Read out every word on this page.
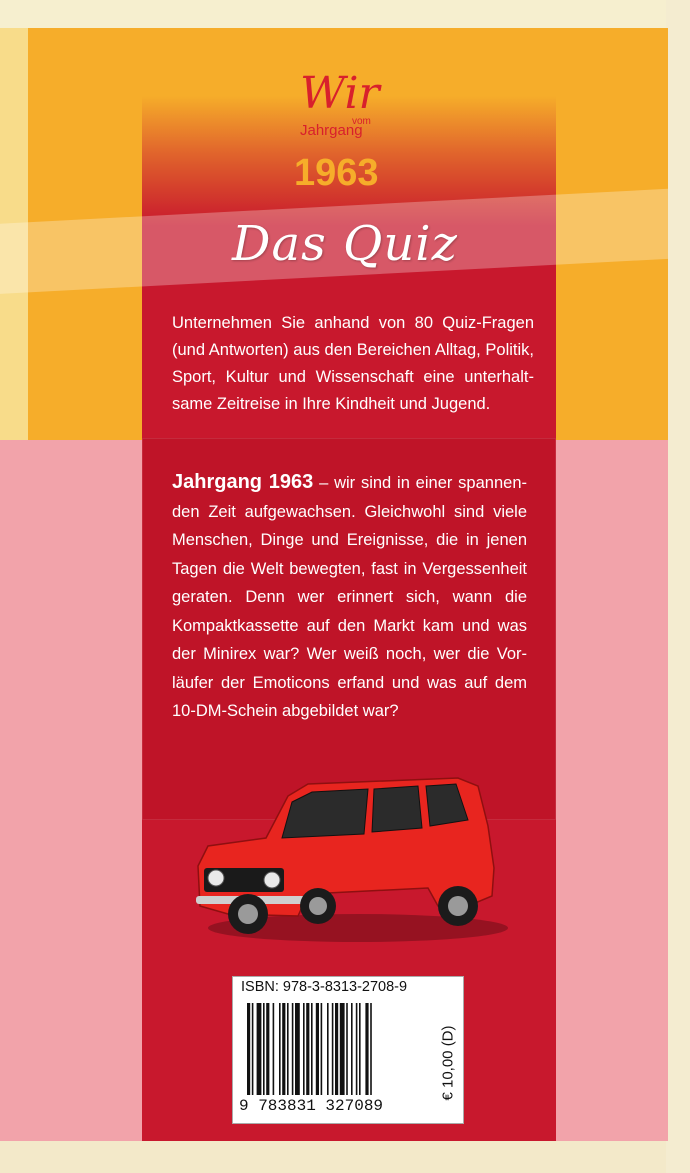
Wir
vom
Jahrgang
1963
Das Quiz

Unternehmen Sie anhand von 80 Quiz-Fragen (und Antworten) aus den Bereichen Alltag, Politik, Sport, Kultur und Wissenschaft eine unterhaltsame Zeitreise in Ihre Kindheit und Jugend.

Jahrgang 1963 – wir sind in einer spannenden Zeit aufgewachsen. Gleichwohl sind viele Menschen, Dinge und Ereignisse, die in jenen Tagen die Welt bewegten, fast in Vergessenheit geraten. Denn wer erinnert sich, wann die Kompaktkassette auf den Markt kam und was der Minirex war? Wer weiß noch, wer die Vorläufer der Emoticons erfand und was auf dem 10-DM-Schein abgebildet war?

ISBN: 978-3-8313-2708-9
9 783831 327089
€ 10,00 (D)
